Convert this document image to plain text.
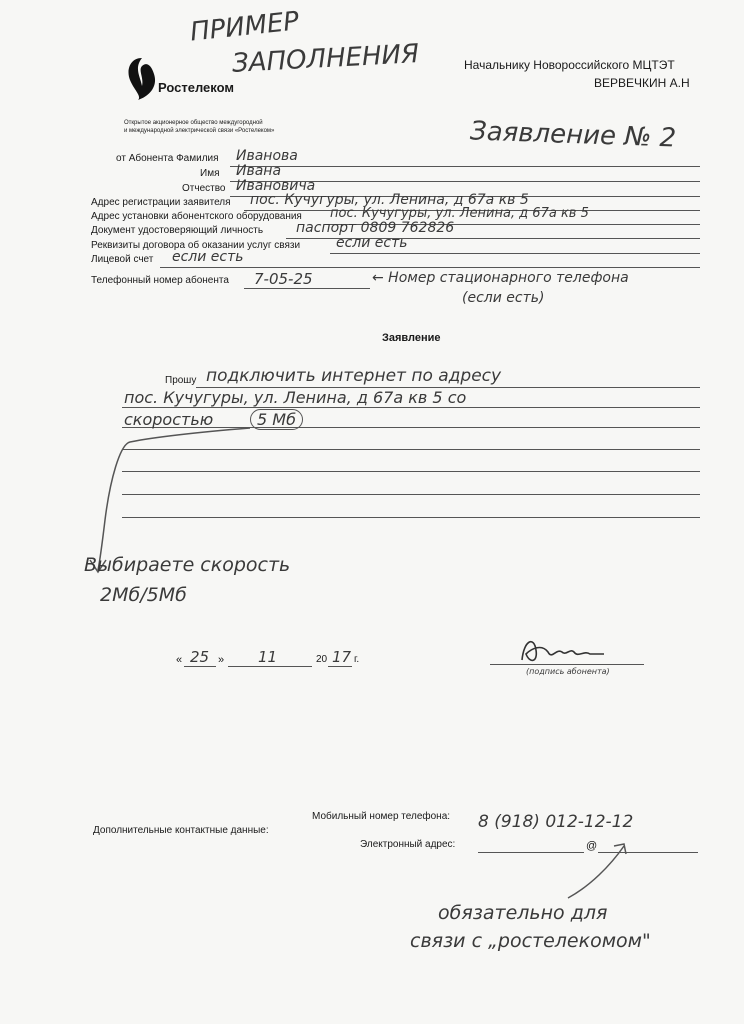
ПРИМЕР
ЗАПОЛНЕНИЯ
Ростелеком
Открытое акционерное общество междугородной
и международной электрической связи «Ростелеком»
Начальнику Новороссийского МЦТЭТ
ВЕРВЕЧКИН А.Н
Заявление № 2
от Абонента Фамилия Иванова
Имя Ивана
Отчество Ивановича
Адрес регистрации заявителя пос. Кучугуры, ул. Ленина, д 67а кв 5
Адрес установки абонентского оборудования пос. Кучугуры, ул. Ленина, д 67а кв 5
Документ удостоверяющий личность паспорт 0809 762826
Реквизиты договора об оказании услуг связи	если есть
Лицевой счет если есть
Телефонный номер абонента 7-05-25	← Номер стационарного телефона
(если есть)
Заявление
Прошу подключить интернет по адресу
пос. Кучугуры, ул. Ленина, д 67а кв 5 со
скоростью	5 Мб
Выбираете скорость
2Мб/5Мб
« 25 » 11	20 17 г.
(подпись абонента)
Дополнительные контактные данные:
Мобильный номер телефона: 8 (918) 012-12-12
Электронный адрес:	@
обязательно для
связи с „ростелекомом"
